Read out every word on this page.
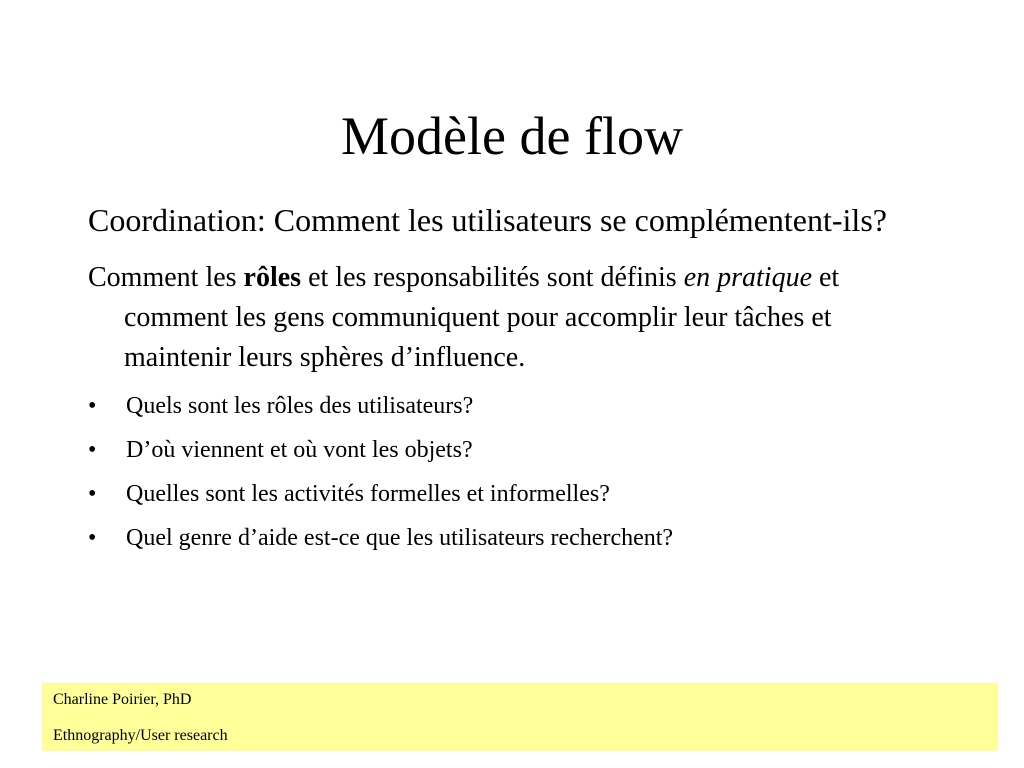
Modèle de flow

Coordination: Comment les utilisateurs se complémentent-ils?

Comment les rôles et les responsabilités sont définis en pratique et comment les gens communiquent pour accomplir leur tâches et maintenir leurs sphères d’influence.

• Quels sont les rôles des utilisateurs?
• D’où viennent et où vont les objets?
• Quelles sont les activités formelles et informelles?
• Quel genre d’aide est-ce que les utilisateurs recherchent?
Charline Poirier, PhD
Ethnography/User research
